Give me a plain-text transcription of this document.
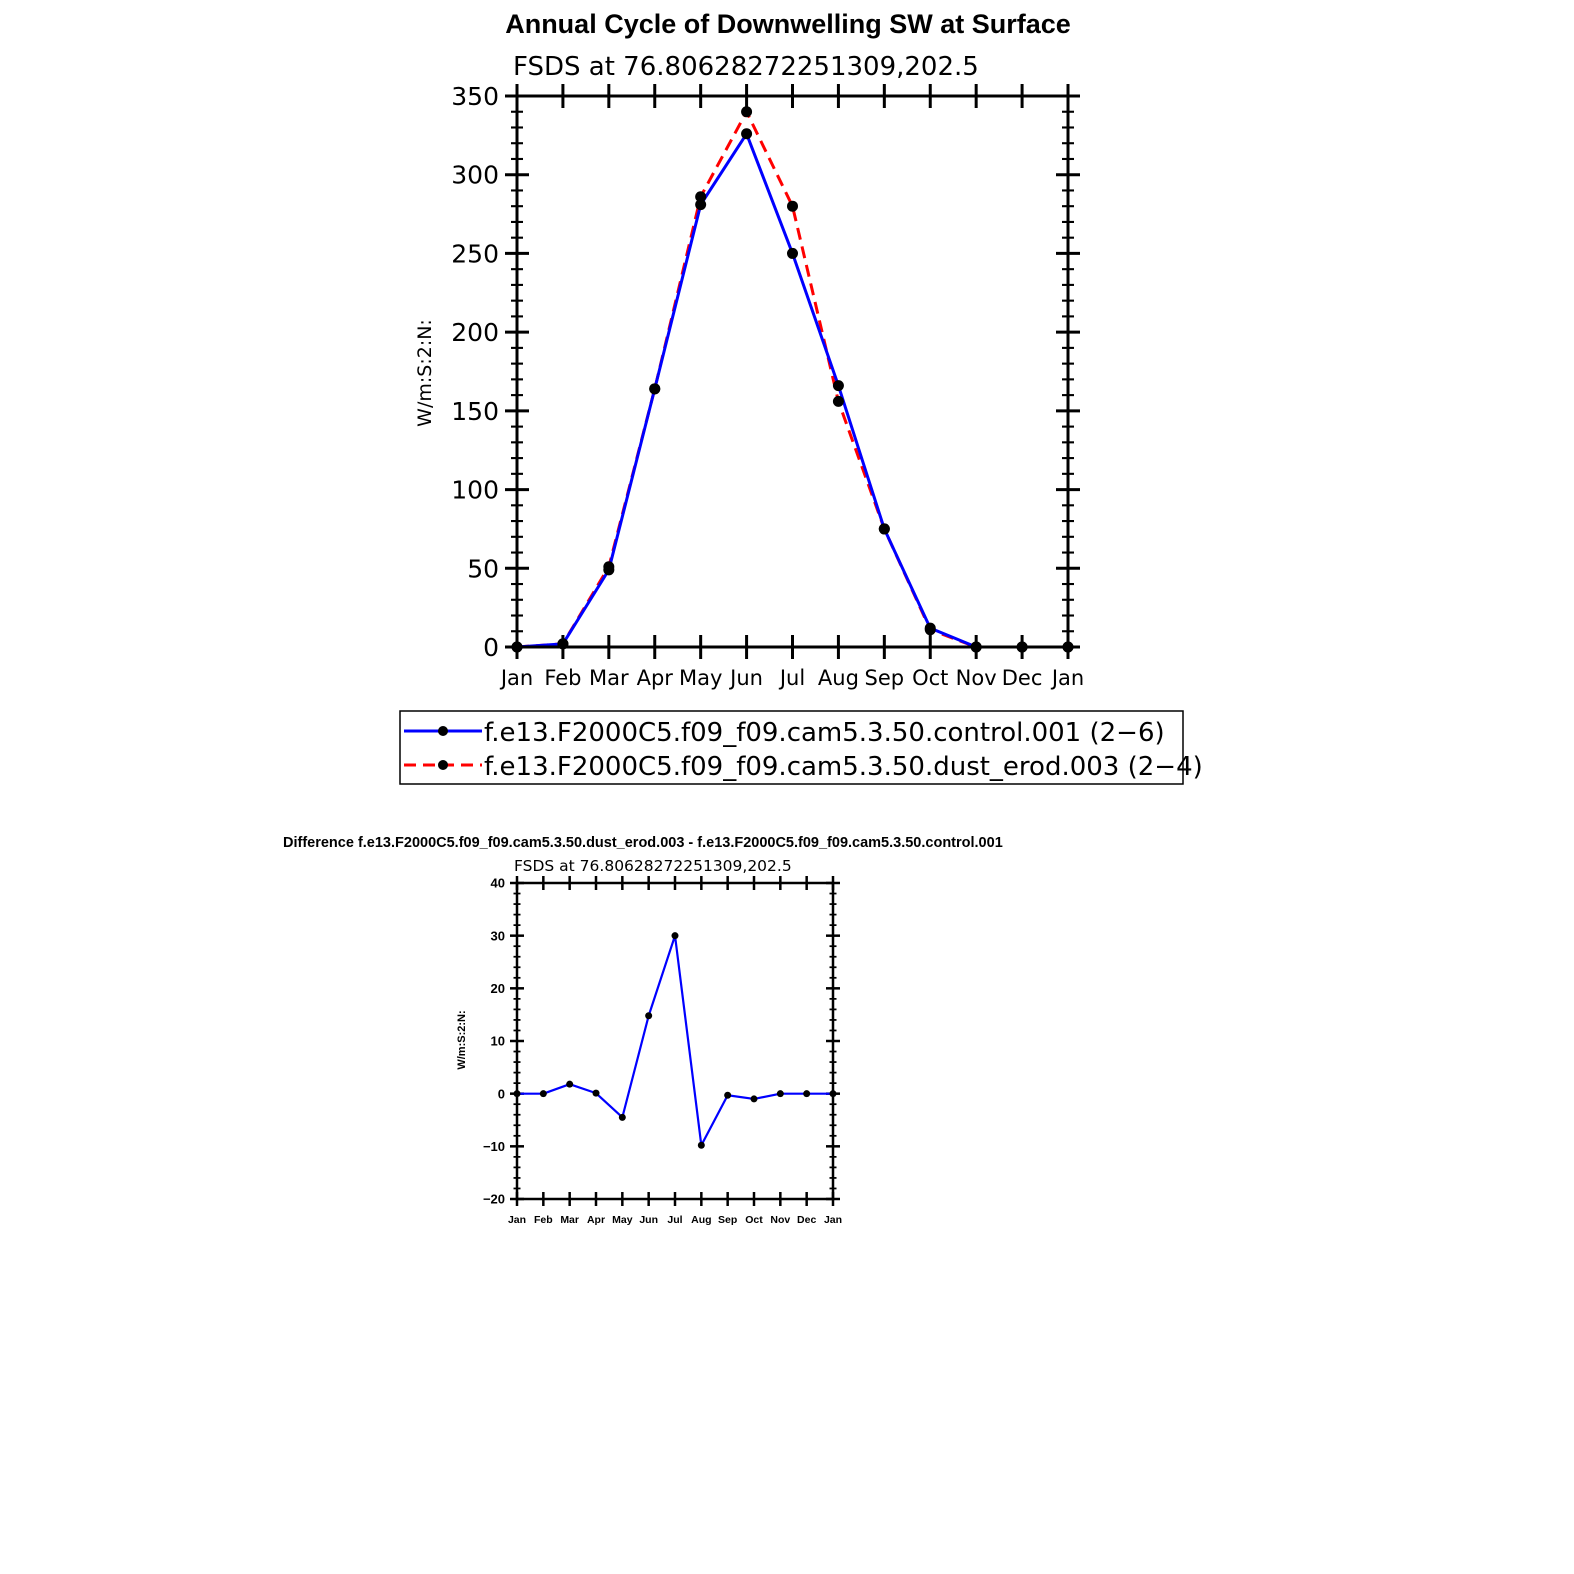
Annual Cycle of Downwelling SW at Surface
FSDS at 76.80628272251309,202.5
W/m:S:2:N:
0
50
100
150
200
250
300
350
Jan Feb Mar Apr May Jun Jul Aug Sep Oct Nov Dec Jan
f.e13.F2000C5.f09_f09.cam5.3.50.control.001 (2−6)
f.e13.F2000C5.f09_f09.cam5.3.50.dust_erod.003 (2−4)
Difference f.e13.F2000C5.f09_f09.cam5.3.50.dust_erod.003 - f.e13.F2000C5.f09_f09.cam5.3.50.control.001
FSDS at 76.80628272251309,202.5
W/m:S:2:N:
−20
−10
0
10
20
30
40
Jan Feb Mar Apr May Jun Jul Aug Sep Oct Nov Dec Jan
